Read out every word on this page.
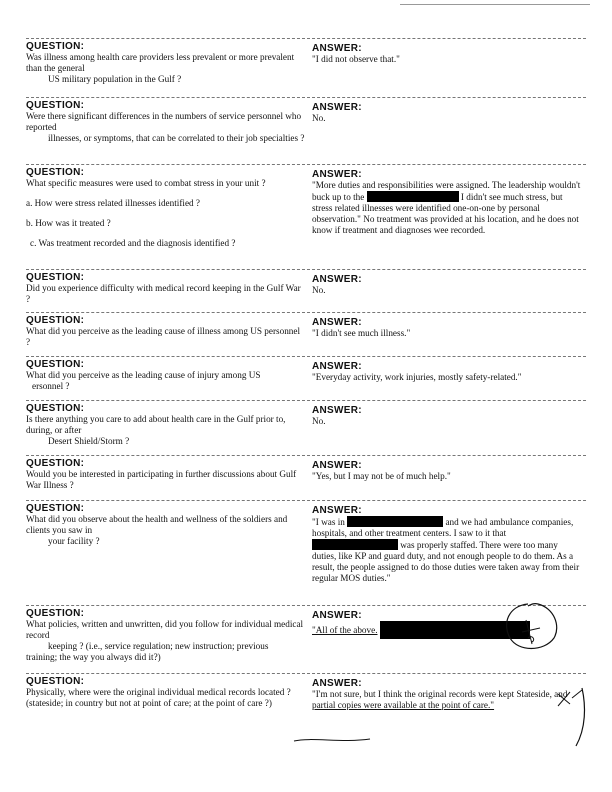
QUESTION:

Was illness among health care providers less prevalent or more prevalent than the general

US military population in the Gulf ?

ANSWER:
"I did not observe that."
QUESTION:

Were there significant differences in the numbers of service personnel who reported

illnesses, or symptoms, that can be correlated to their job specialties ?

ANSWER:
No.
QUESTION:

What specific measures were used to combat stress in your unit ?

a. How were stress related illnesses identified ?

b. How was it treated ?

c. Was treatment recorded and the diagnosis identified ?

ANSWER:
"More duties and responsibilities were assigned. The leadership wouldn't buck up to the	I didn't see much stress, but stress related illnesses were identified one-on-one by personal observation." No treatment was provided at his location, and he does not know if treatment and diagnoses wee recorded.
QUESTION:
Did you experience difficulty with medical record keeping in the Gulf War ?
ANSWER:
No.
QUESTION:
What did you perceive as the leading cause of illness among US personnel ?
ANSWER:
"I didn't see much illness."
QUESTION:

What did you perceive as the leading cause of injury among US

ersonnel ?

ANSWER:
"Everyday activity, work injuries, mostly safety-related."
QUESTION:

Is there anything you care to add about health care in the Gulf prior to, during, or after

Desert Shield/Storm ?

ANSWER:
No.
QUESTION:
Would you be interested in participating in further discussions about Gulf War Illness ?
ANSWER:
"Yes, but I may not be of much help."
QUESTION:

What did you observe about the health and wellness of the soldiers and clients you saw in

your facility ?

ANSWER:
"I was in	and we had ambulance companies, hospitals, and other treatment centers. I saw to it that  was properly staffed. There were too many duties, like KP and guard duty, and not enough people to do them. As a result, the people assigned to do those duties were taken away from their regular MOS duties."
QUESTION:

What policies, written and unwritten, did you follow for individual medical record

keeping ? (i.e., service regulation; new instruction; previous

training; the way you always did it?)

ANSWER:
"All of the above.
QUESTION:
Physically, where were the original individual medical records located ? (stateside; in country but not at point of care; at the point of care ?)
ANSWER:
"I'm not sure, but I think the original records were kept Stateside, and partial copies were available at the point of care."
